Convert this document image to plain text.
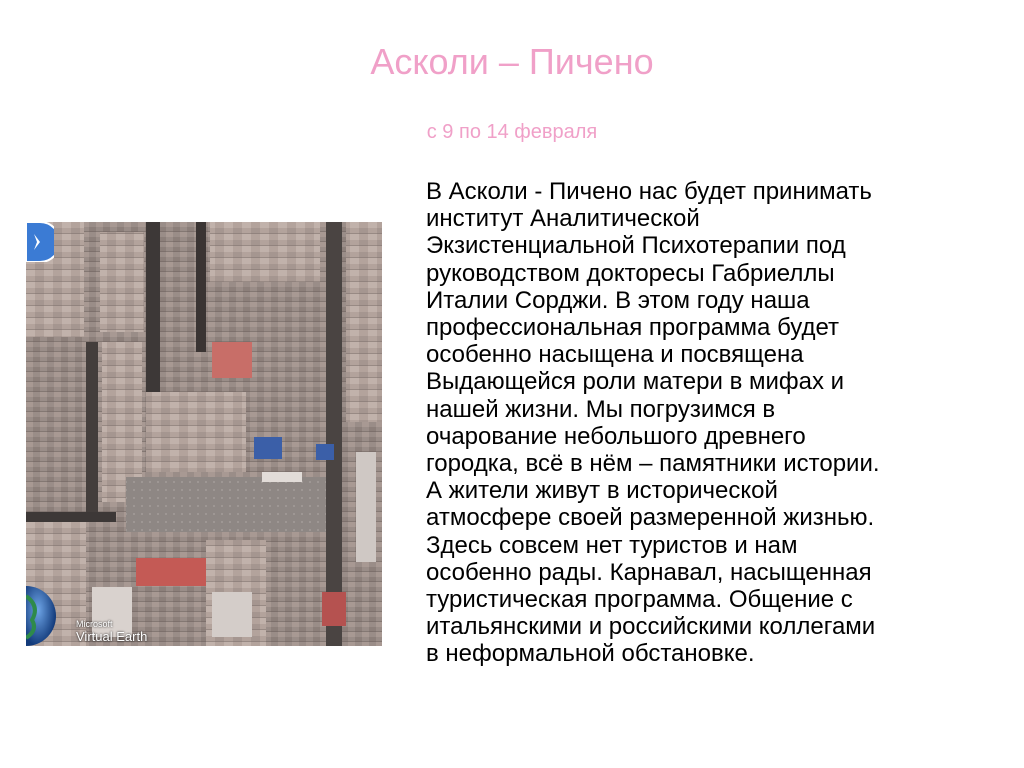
Асколи – Пичено
с 9 по 14 февраля
Microsoft
Virtual Earth
В Асколи - Пичено нас будет принимать
институт Аналитической
Экзистенциальной Психотерапии под
руководством докторесы Габриеллы
Италии Сорджи. В этом году наша
профессиональная программа будет
особенно насыщена и посвящена
Выдающейся роли матери в мифах и
нашей жизни. Мы погрузимся в
очарование небольшого древнего
городка, всё в нём – памятники истории.
А жители живут в исторической
атмосфере своей размеренной жизнью.
Здесь совсем нет туристов и нам
особенно рады. Карнавал, насыщенная
туристическая программа. Общение с
итальянскими и российскими коллегами
в неформальной обстановке.
